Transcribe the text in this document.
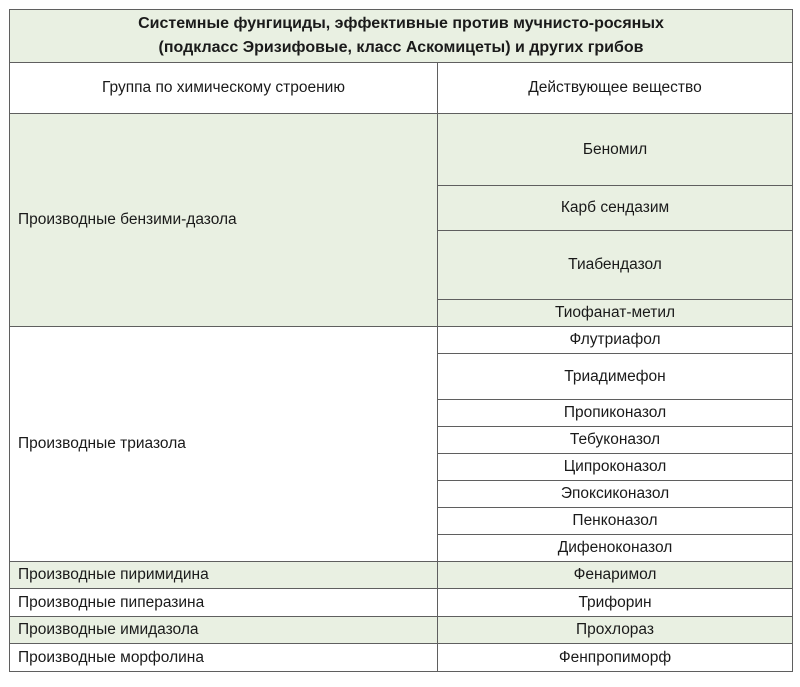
Системные фунгициды, эффективные против мучнисто-росяных
(подкласс Эризифовые, класс Аскомицеты) и других грибов	
Группа по химическому строению	Действующее вещество
Производные бензими-дазола	Беномил
	Карб сендазим
	Тиабендазол
	Тиофанат-метил
Производные триазола	Флутриафол
	Триадимефон
	Пропиконазол
	Тебуконазол
	Ципроконазол
	Эпоксиконазол
	Пенконазол
	Дифеноконазол
Производные пиримидина	Фенаримол
Производные пиперазина	Трифорин
Производные имидазола	Прохлораз
Производные морфолина	Фенпропиморф
